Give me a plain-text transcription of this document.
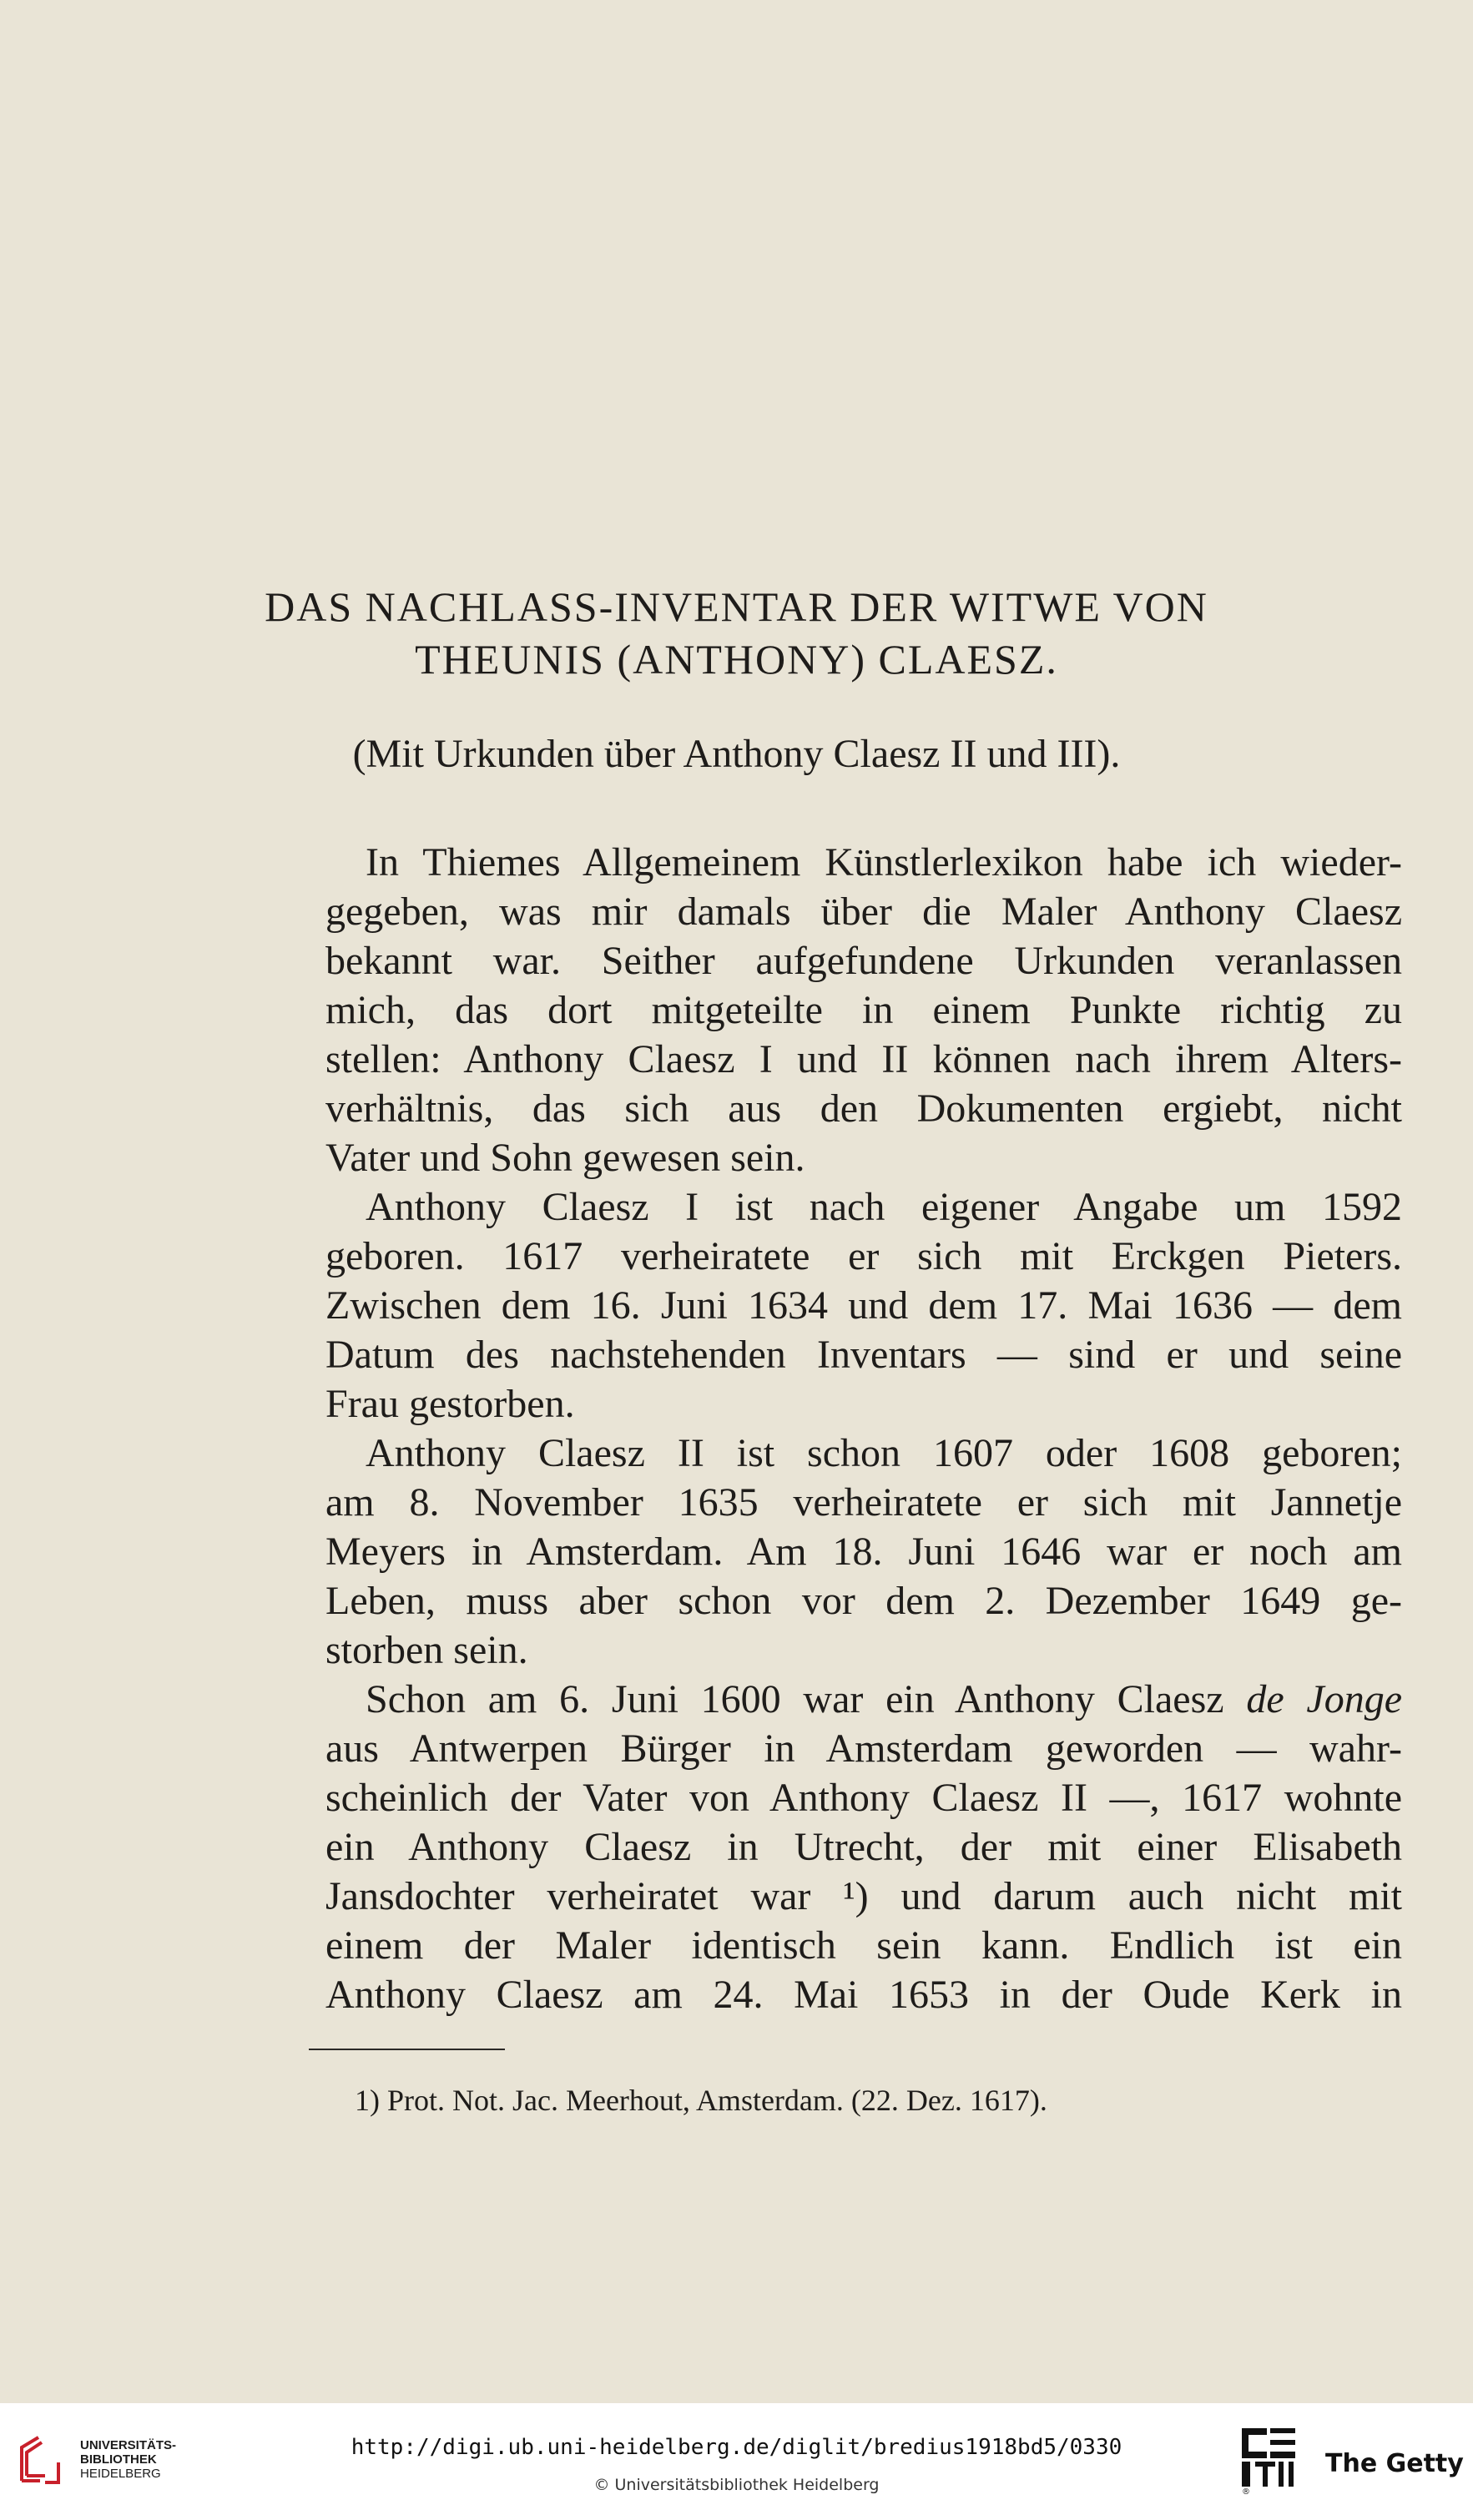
DAS NACHLASS-INVENTAR DER WITWE VON
THEUNIS (ANTHONY) CLAESZ.
(Mit Urkunden über Anthony Claesz II und III).
In Thiemes Allgemeinem Künstlerlexikon habe ich wieder-
gegeben, was mir damals über die Maler Anthony Claesz
bekannt war. Seither aufgefundene Urkunden veranlassen
mich, das dort mitgeteilte in einem Punkte richtig zu
stellen: Anthony Claesz I und II können nach ihrem Alters-
verhältnis, das sich aus den Dokumenten ergiebt, nicht
Vater und Sohn gewesen sein.
Anthony Claesz I ist nach eigener Angabe um 1592
geboren. 1617 verheiratete er sich mit Erckgen Pieters.
Zwischen dem 16. Juni 1634 und dem 17. Mai 1636 — dem
Datum des nachstehenden Inventars — sind er und seine
Frau gestorben.
Anthony Claesz II ist schon 1607 oder 1608 geboren;
am 8. November 1635 verheiratete er sich mit Jannetje
Meyers in Amsterdam. Am 18. Juni 1646 war er noch am
Leben, muss aber schon vor dem 2. Dezember 1649 ge-
storben sein.
Schon am 6. Juni 1600 war ein Anthony Claesz de Jonge
aus Antwerpen Bürger in Amsterdam geworden — wahr-
scheinlich der Vater von Anthony Claesz II —, 1617 wohnte
ein Anthony Claesz in Utrecht, der mit einer Elisabeth
Jansdochter verheiratet war ¹) und darum auch nicht mit
einem der Maler identisch sein kann. Endlich ist ein
Anthony Claesz am 24. Mai 1653 in der Oude Kerk in
1) Prot. Not. Jac. Meerhout, Amsterdam. (22. Dez. 1617).
UNIVERSITÄTS-
BIBLIOTHEK
HEIDELBERG
http://digi.ub.uni-heidelberg.de/diglit/bredius1918bd5/0330
© Universitätsbibliothek Heidelberg	®
The Getty
